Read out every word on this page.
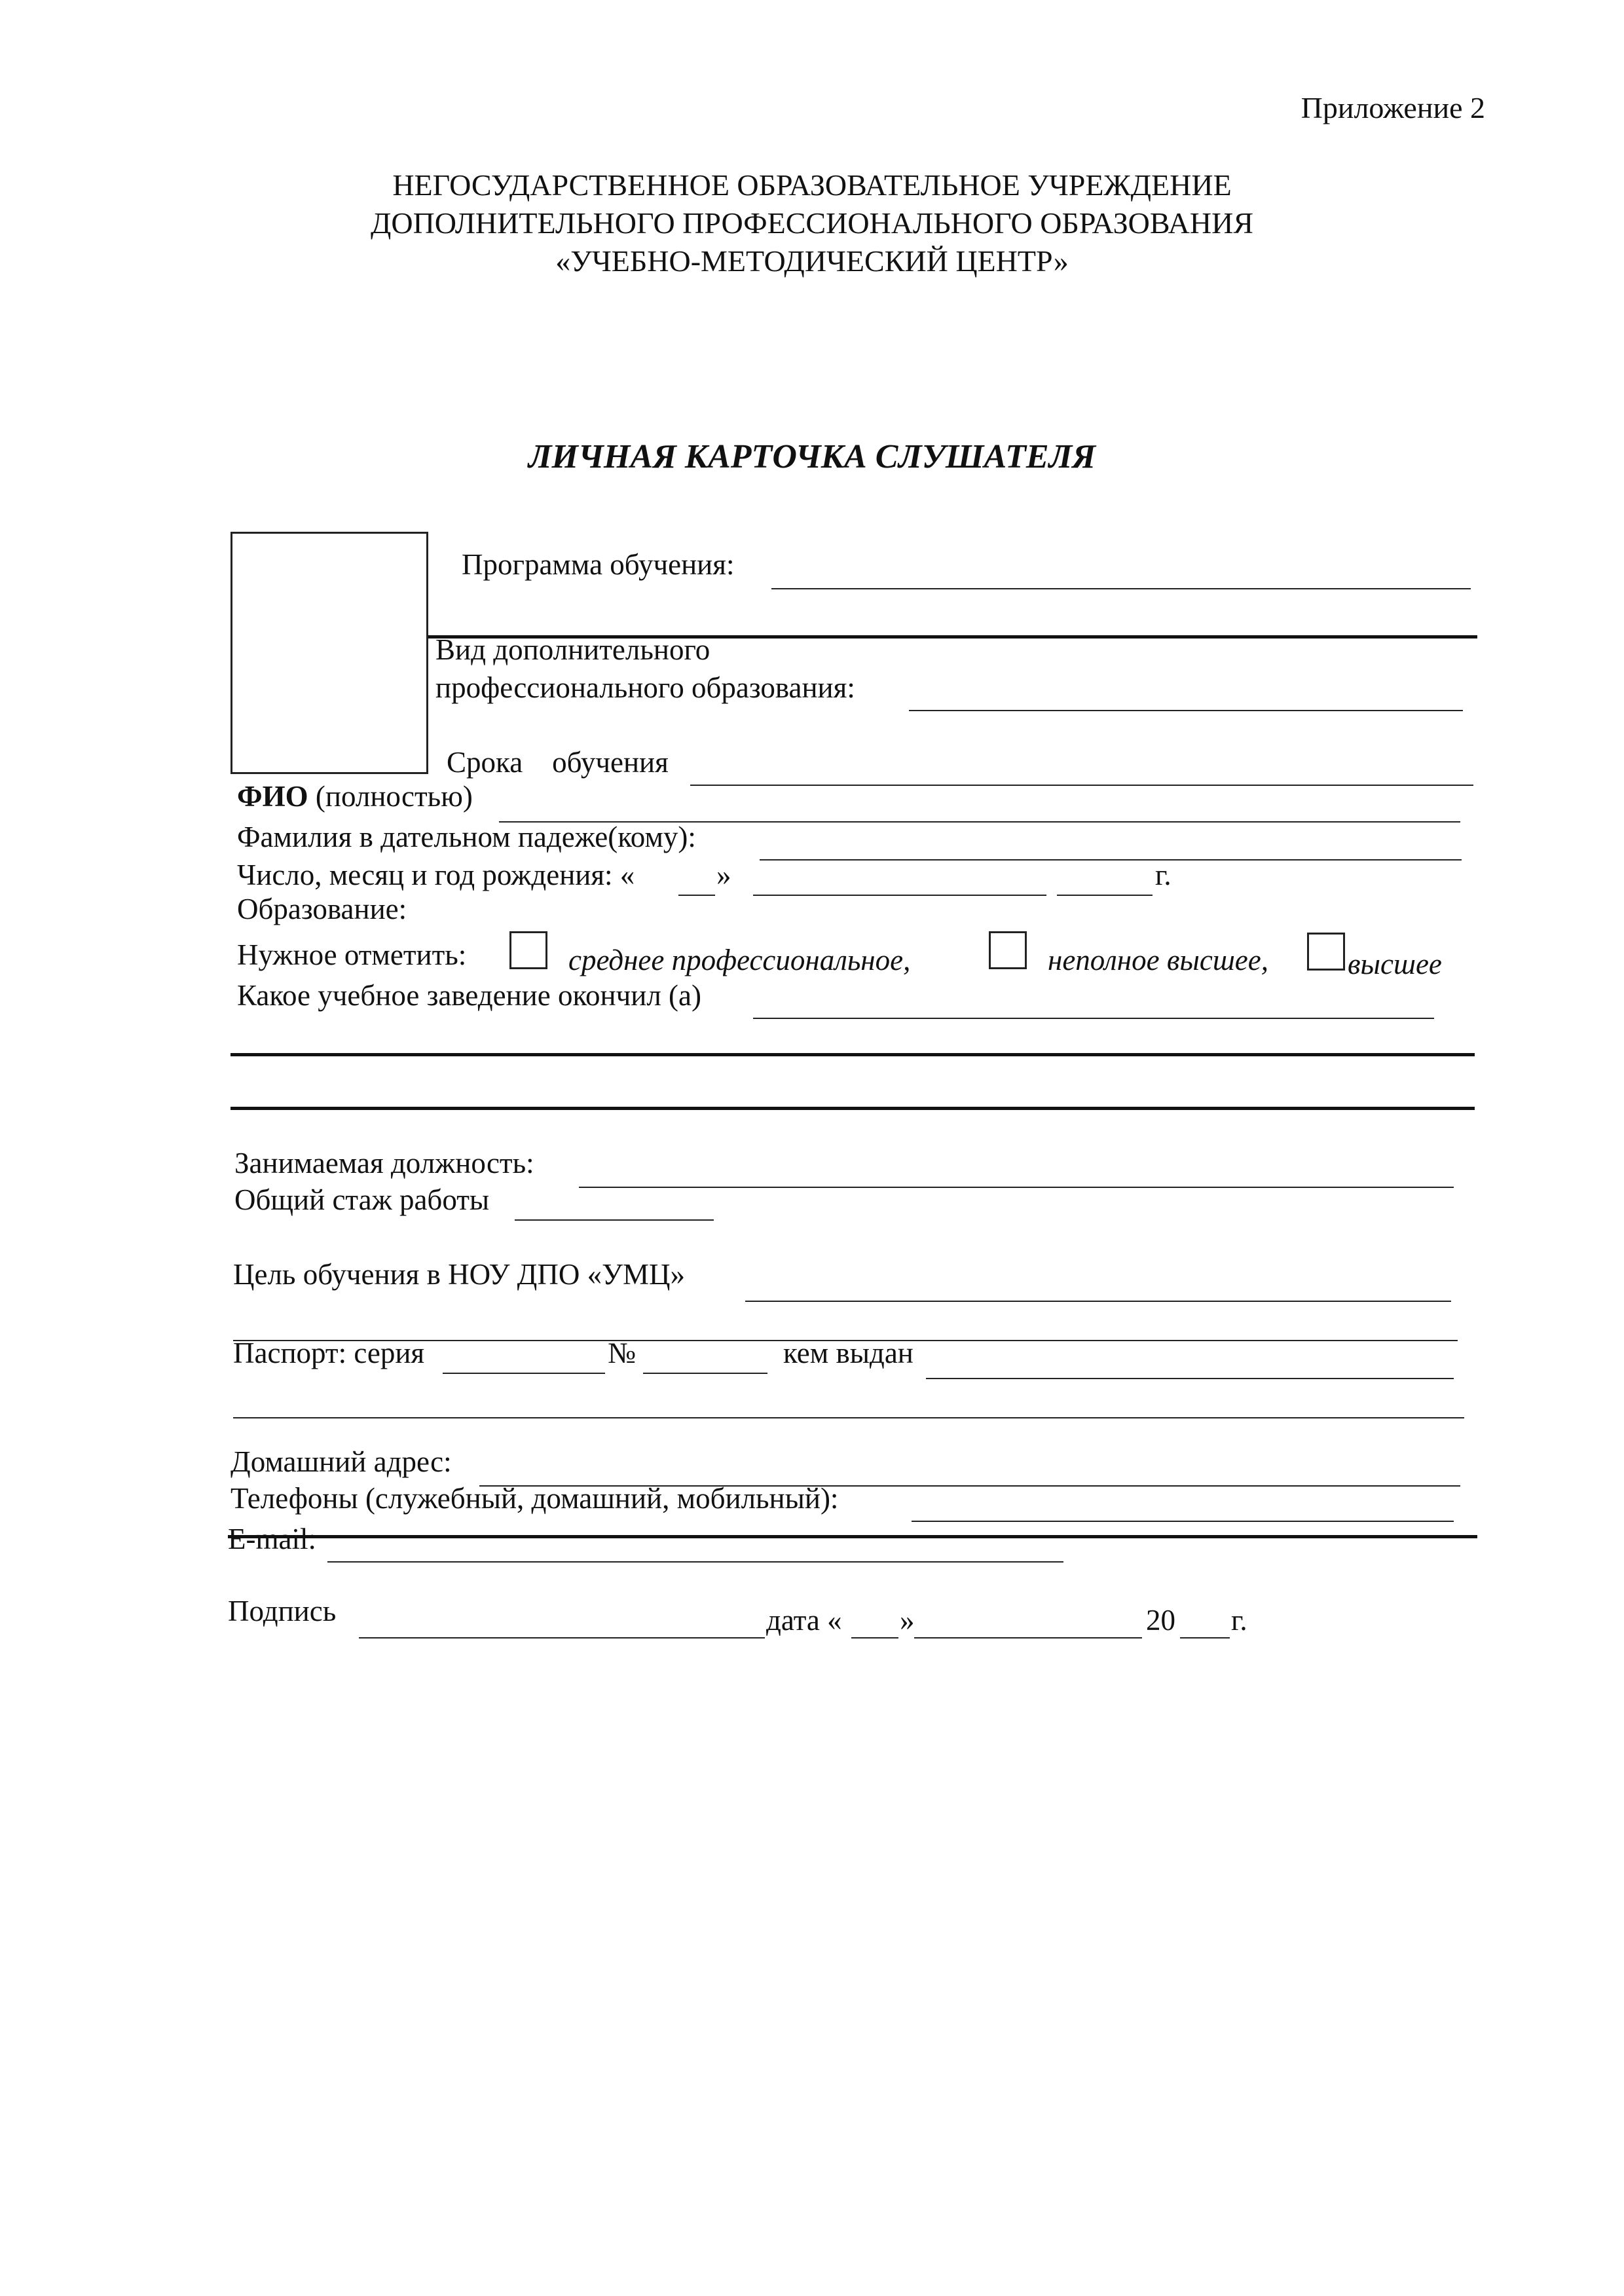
Приложение 2
НЕГОСУДАРСТВЕННОЕ ОБРАЗОВАТЕЛЬНОЕ УЧРЕЖДЕНИЕ
ДОПОЛНИТЕЛЬНОГО ПРОФЕССИОНАЛЬНОГО ОБРАЗОВАНИЯ
«УЧЕБНО-МЕТОДИЧЕСКИЙ ЦЕНТР»
ЛИЧНАЯ КАРТОЧКА СЛУШАТЕЛЯ
Программа обучения:
Вид дополнительного
профессионального образования:
Срока    обучения
ФИО (полностью)
Фамилия в дательном падеже(кому):
Число, месяц и год рождения: «	»	г.
Образование:
Нужное отметить:	среднее профессиональное,	неполное высшее,	высшее
Какое учебное заведение окончил (а)
Занимаемая должность:
Общий стаж работы
Цель обучения в НОУ ДПО «УМЦ»
Паспорт: серия	№	кем выдан
Домашний адрес:
Телефоны (служебный, домашний, мобильный):
E-mail:
Подпись	дата « »	20 г.
